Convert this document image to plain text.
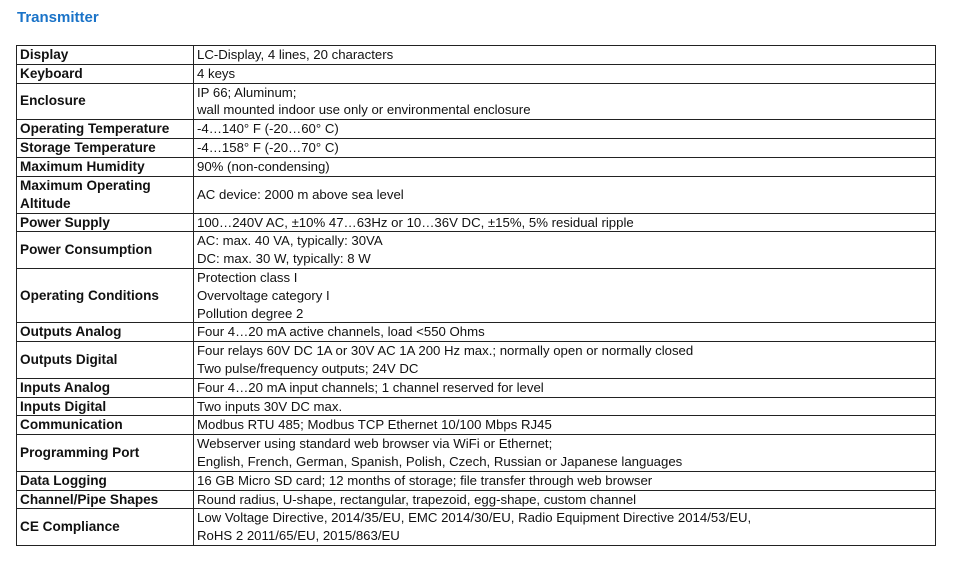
Transmitter
Display	LC-Display, 4 lines, 20 characters

Keyboard	4 keys

Enclosure	IP 66; Aluminum;
wall mounted indoor use only or environmental enclosure

Operating Temperature	-4…140° F (-20…60° C)

Storage Temperature	-4…158° F (-20…70° C)

Maximum Humidity	90% (non-condensing)

Maximum Operating Altitude	AC device: 2000 m above sea level

Power Supply	100…240V AC, ±10% 47…63Hz or 10…36V DC, ±15%, 5% residual ripple

Power Consumption	AC: max. 40 VA, typically: 30VA
DC: max. 30 W, typically: 8 W

Operating Conditions	Protection class I
Overvoltage category I
Pollution degree 2

Outputs Analog	Four 4…20 mA active channels, load <550 Ohms

Outputs Digital	Four relays 60V DC 1A or 30V AC 1A 200 Hz max.; normally open or normally closed
Two pulse/frequency outputs; 24V DC

Inputs Analog	Four 4…20 mA input channels; 1 channel reserved for level

Inputs Digital	Two inputs 30V DC max.

Communication	Modbus RTU 485; Modbus TCP Ethernet 10/100 Mbps RJ45

Programming Port	Webserver using standard web browser via WiFi or Ethernet;
English, French, German, Spanish, Polish, Czech, Russian or Japanese languages

Data Logging	16 GB Micro SD card; 12 months of storage; file transfer through web browser

Channel/Pipe Shapes	Round radius, U-shape, rectangular, trapezoid, egg-shape, custom channel

CE Compliance	Low Voltage Directive, 2014/35/EU, EMC 2014/30/EU, Radio Equipment Directive 2014/53/EU,
RoHS 2 2011/65/EU, 2015/863/EU
